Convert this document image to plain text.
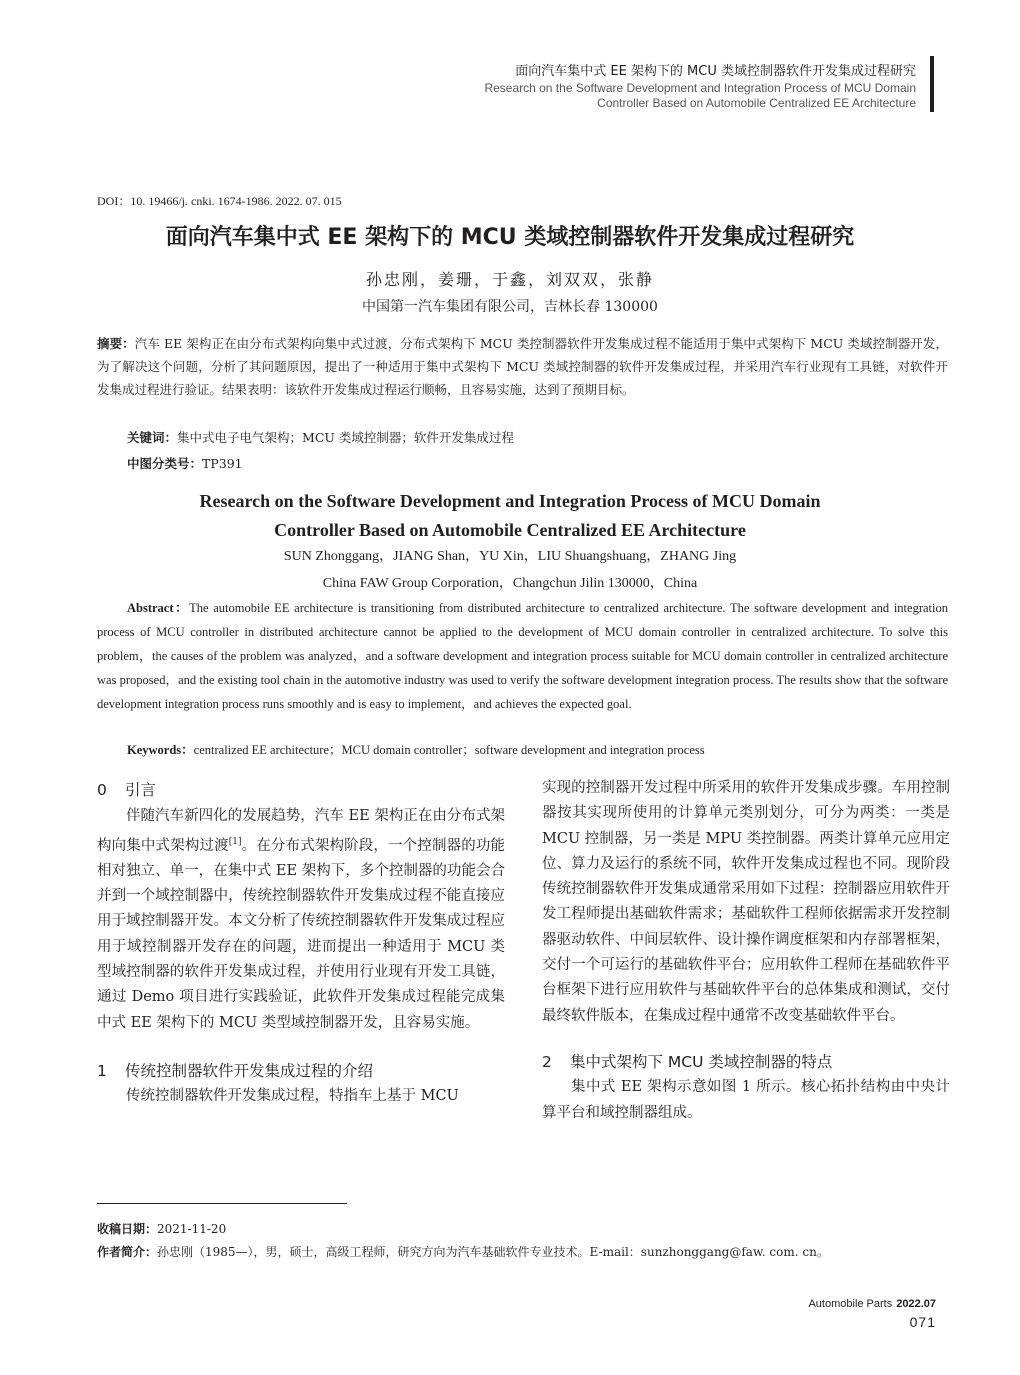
面向汽车集中式 EE 架构下的 MCU 类域控制器软件开发集成过程研究
Research on the Software Development and Integration Process of MCU Domain
Controller Based on Automobile Centralized EE Architecture
DOI：10. 19466/j. cnki. 1674-1986. 2022. 07. 015
面向汽车集中式 EE 架构下的 MCU 类域控制器软件开发集成过程研究
孙忠刚，姜珊，于鑫，刘双双，张静
中国第一汽车集团有限公司，吉林长春 130000
摘要：汽车 EE 架构正在由分布式架构向集中式过渡，分布式架构下 MCU 类控制器软件开发集成过程不能适用于集中式架构下 MCU 类域控制器开发，为了解决这个问题，分析了其问题原因，提出了一种适用于集中式架构下 MCU 类域控制器的软件开发集成过程，并采用汽车行业现有工具链，对软件开发集成过程进行验证。结果表明：该软件开发集成过程运行顺畅，且容易实施，达到了预期目标。
关键词：集中式电子电气架构；MCU 类域控制器；软件开发集成过程
中图分类号：TP391
Research on the Software Development and Integration Process of MCU Domain
Controller Based on Automobile Centralized EE Architecture
SUN Zhonggang，JIANG Shan，YU Xin，LIU Shuangshuang，ZHANG Jing
China FAW Group Corporation，Changchun Jilin 130000，China
Abstract：The automobile EE architecture is transitioning from distributed architecture to centralized architecture. The software development and integration process of MCU controller in distributed architecture cannot be applied to the development of MCU domain controller in centralized architecture. To solve this problem，the causes of the problem was analyzed，and a software development and integration process suitable for MCU domain controller in centralized architecture was proposed，and the existing tool chain in the automotive industry was used to verify the software development integration process. The results show that the software development integration process runs smoothly and is easy to implement，and achieves the expected goal.
Keywords：centralized EE architecture；MCU domain controller；software development and integration process
0 引言

伴随汽车新四化的发展趋势，汽车 EE 架构正在由分布式架构向集中式架构过渡[1]。在分布式架构阶段，一个控制器的功能相对独立、单一，在集中式 EE 架构下，多个控制器的功能会合并到一个域控制器中，传统控制器软件开发集成过程不能直接应用于域控制器开发。本文分析了传统控制器软件开发集成过程应用于域控制器开发存在的问题，进而提出一种适用于 MCU 类型域控制器的软件开发集成过程，并使用行业现有开发工具链，通过 Demo 项目进行实践验证，此软件开发集成过程能完成集中式 EE 架构下的 MCU 类型域控制器开发，且容易实施。

1 传统控制器软件开发集成过程的介绍

传统控制器软件开发集成过程，特指车上基于 MCU

实现的控制器开发过程中所采用的软件开发集成步骤。车用控制器按其实现所使用的计算单元类别划分，可分为两类：一类是 MCU 控制器，另一类是 MPU 类控制器。两类计算单元应用定位、算力及运行的系统不同，软件开发集成过程也不同。现阶段传统控制器软件开发集成通常采用如下过程：控制器应用软件开发工程师提出基础软件需求；基础软件工程师依据需求开发控制器驱动软件、中间层软件、设计操作调度框架和内存部署框架，交付一个可运行的基础软件平台；应用软件工程师在基础软件平台框架下进行应用软件与基础软件平台的总体集成和测试，交付最终软件版本，在集成过程中通常不改变基础软件平台。

2 集中式架构下 MCU 类域控制器的特点

集中式 EE 架构示意如图 1 所示。核心拓扑结构由中央计算平台和域控制器组成。

收稿日期：2021-11-20
作者简介：孙忠刚（1985—），男，硕士，高级工程师，研究方向为汽车基础软件专业技术。E-mail：sunzhonggang@faw. com. cn。
Automobile Parts 2022.07
071
